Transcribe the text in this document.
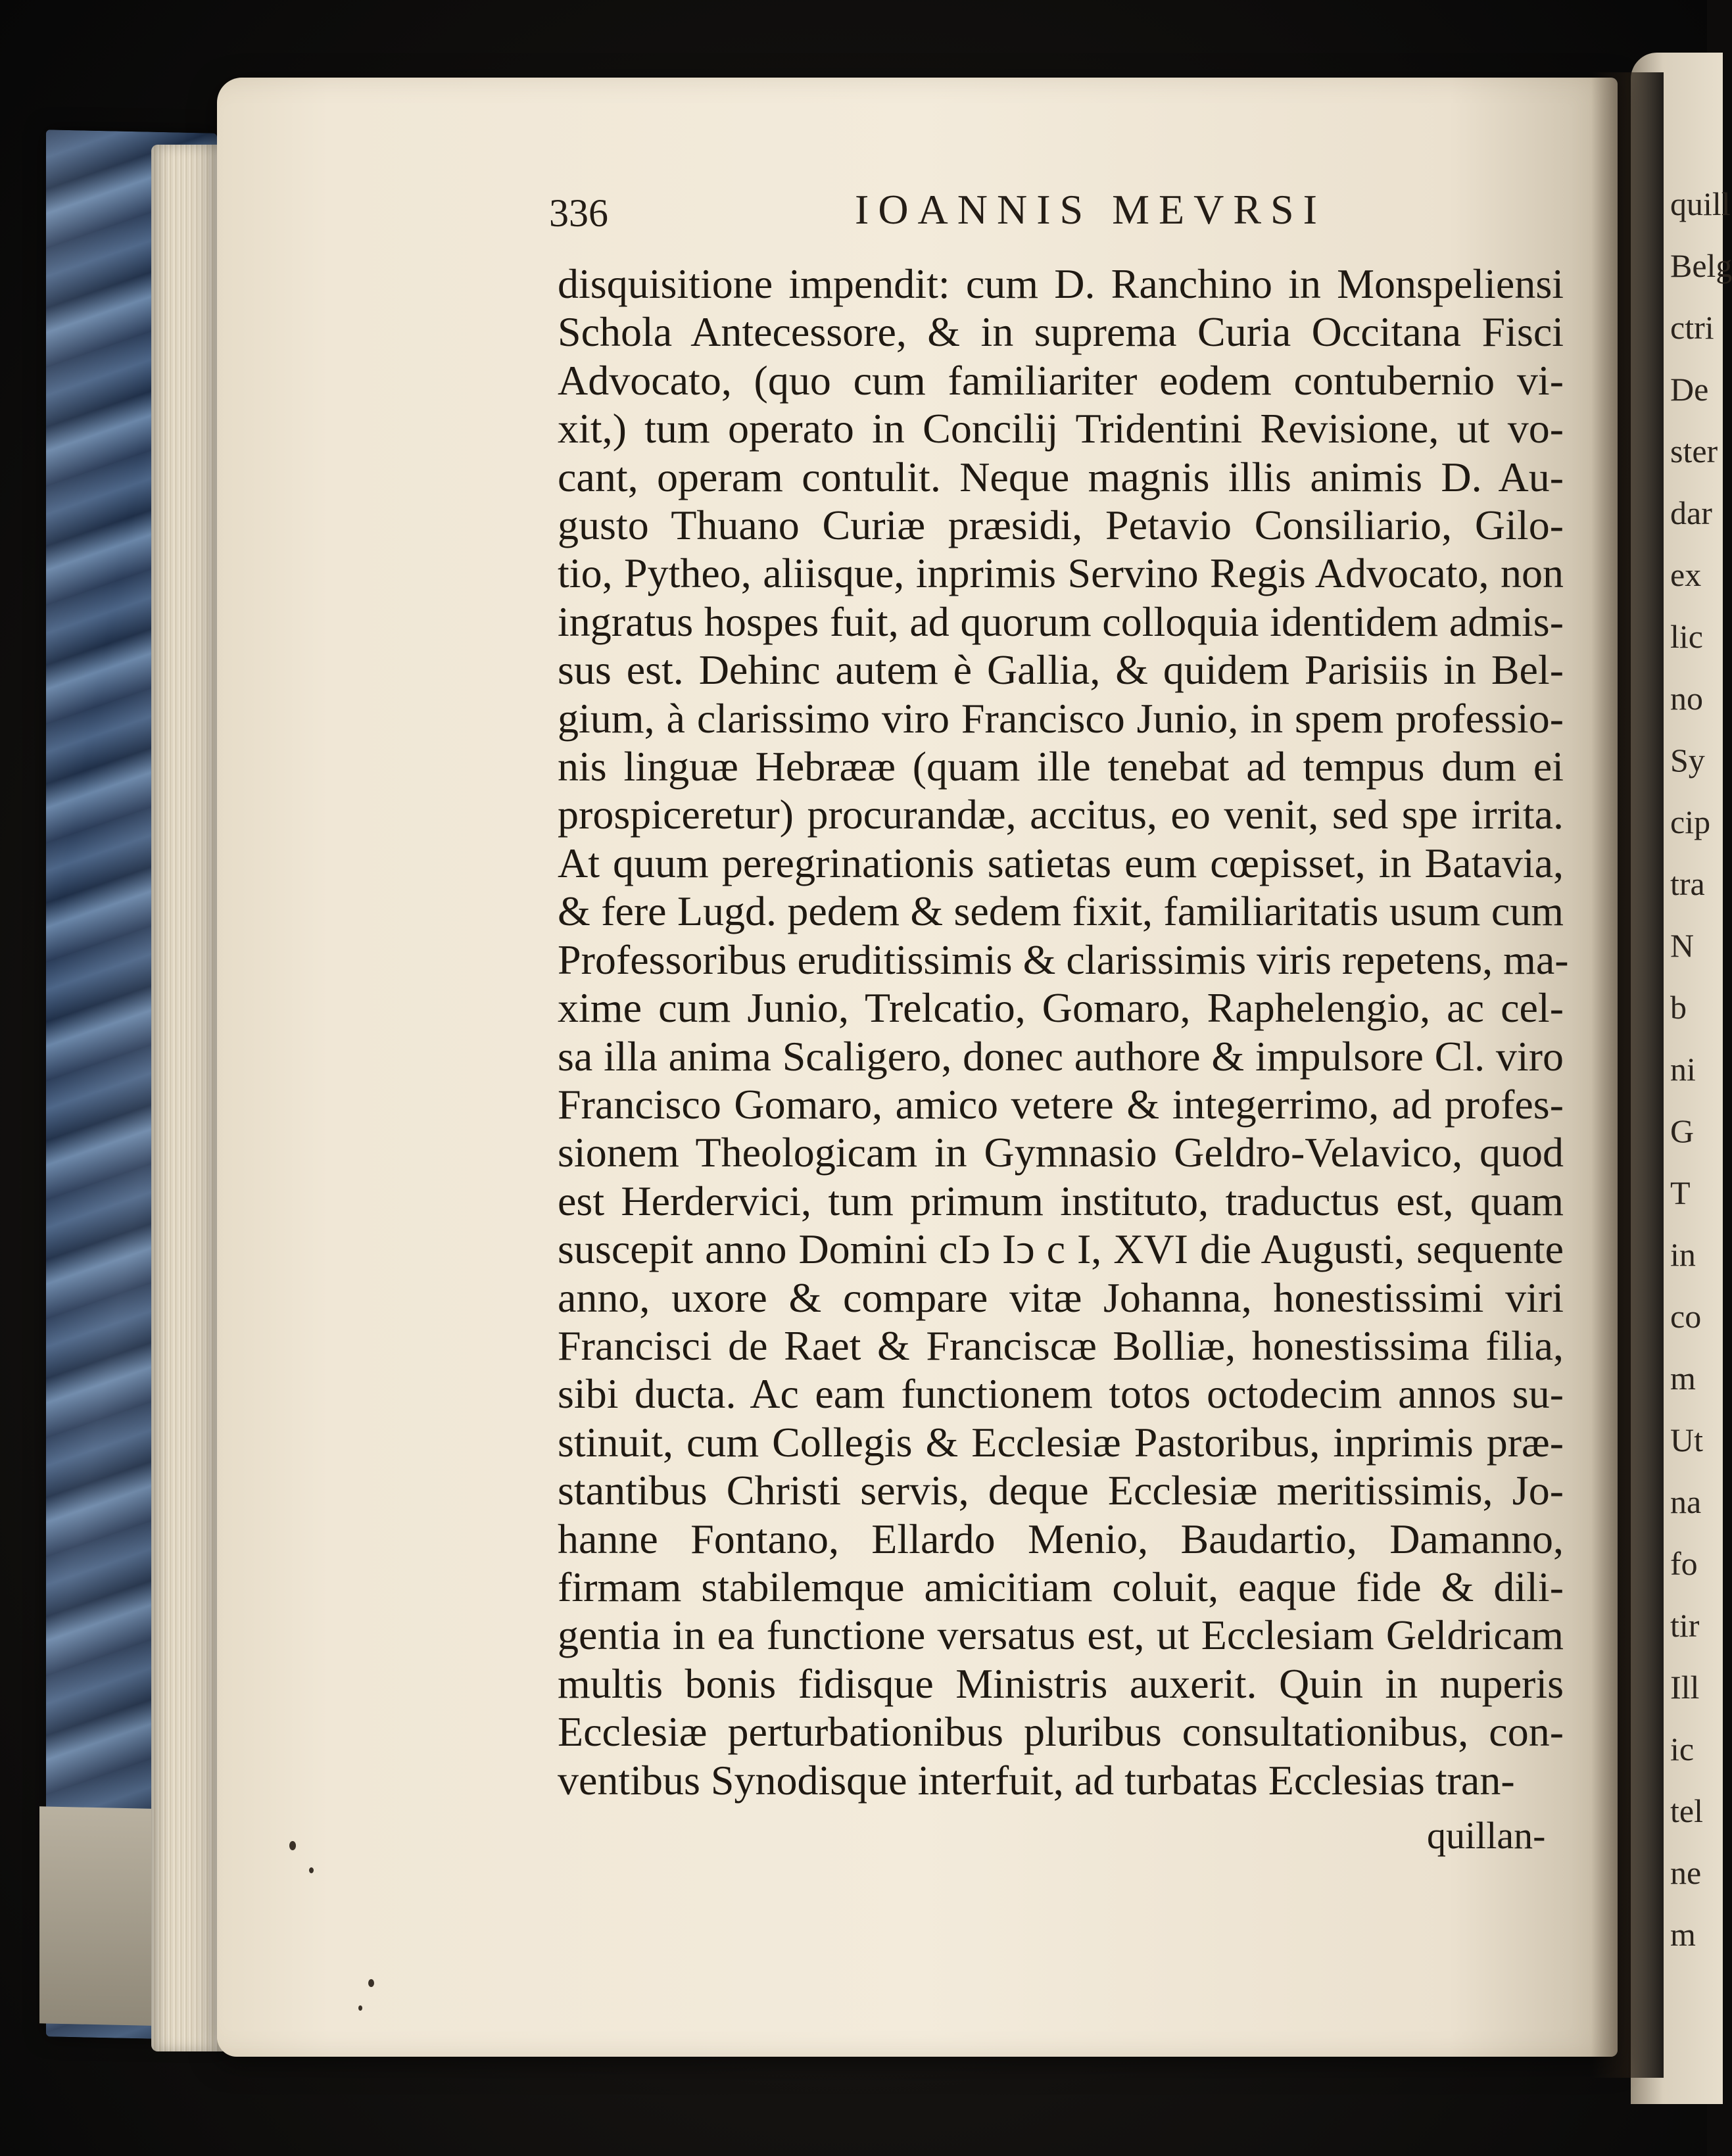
quill
Belg
ctri
De
ster
dar
ex
lic
no
Sy
cip
tra
N
b
ni
G
T
in
co
m
Ut
na
fo
tir
Ill
ic
tel
ne
m
336	IOANNIS MEVRSI
disquisitione impendit: cum D. Ranchino in Monspeliensi
Schola Antecessore, & in suprema Curia Occitana Fisci
Advocato, (quo cum familiariter eodem contubernio vi-
xit,) tum operato in Concilij Tridentini Revisione, ut vo-
cant, operam contulit. Neque magnis illis animis D. Au-
gusto Thuano Curiæ præsidi, Petavio Consiliario, Gilo-
tio, Pytheo, aliisque, inprimis Servino Regis Advocato, non
ingratus hospes fuit, ad quorum colloquia identidem admis-
sus est. Dehinc autem è Gallia, & quidem Parisiis in Bel-
gium, à clarissimo viro Francisco Junio, in spem professio-
nis linguæ Hebrææ (quam ille tenebat ad tempus dum ei
prospiceretur) procurandæ, accitus, eo venit, sed spe irrita.
At quum peregrinationis satietas eum cœpisset, in Batavia,
& fere Lugd. pedem & sedem fixit, familiaritatis usum cum
Professoribus eruditissimis & clarissimis viris repetens, ma-
xime cum Junio, Trelcatio, Gomaro, Raphelengio, ac cel-
sa illa anima Scaligero, donec authore & impulsore Cl. viro
Francisco Gomaro, amico vetere & integerrimo, ad profes-
sionem Theologicam in Gymnasio Geldro-Velavico, quod
est Herdervici, tum primum instituto, traductus est, quam
suscepit anno Domini cIↄ Iↄ c I, XVI die Augusti, sequente
anno, uxore & compare vitæ Johanna, honestissimi viri
Francisci de Raet & Franciscæ Bolliæ, honestissima filia,
sibi ducta. Ac eam functionem totos octodecim annos su-
stinuit, cum Collegis & Ecclesiæ Pastoribus, inprimis præ-
stantibus Christi servis, deque Ecclesiæ meritissimis, Jo-
hanne Fontano, Ellardo Menio, Baudartio, Damanno,
firmam stabilemque amicitiam coluit, eaque fide & dili-
gentia in ea functione versatus est, ut Ecclesiam Geldricam
multis bonis fidisque Ministris auxerit. Quin in nuperis
Ecclesiæ perturbationibus pluribus consultationibus, con-
ventibus Synodisque interfuit, ad turbatas Ecclesias tran-
quillan-
